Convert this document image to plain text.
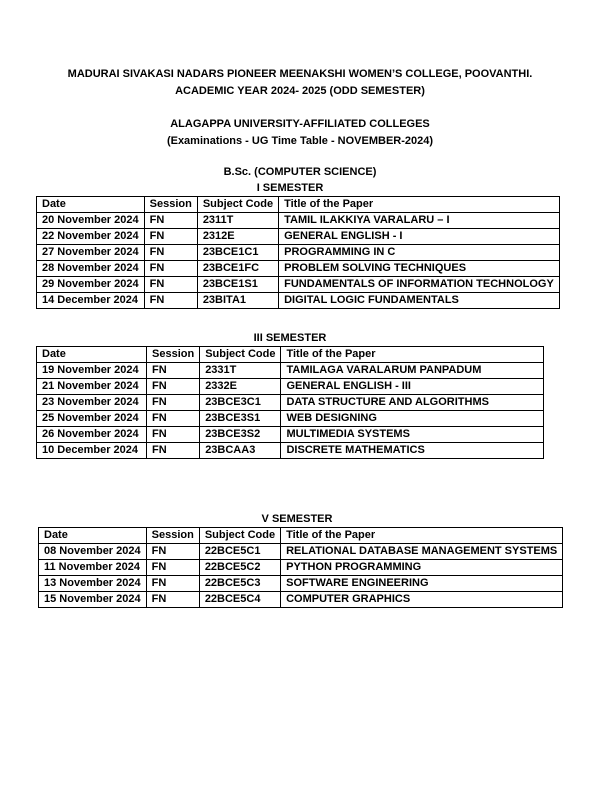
MADURAI SIVAKASI NADARS PIONEER MEENAKSHI WOMEN’S COLLEGE, POOVANTHI.
ACADEMIC YEAR 2024- 2025 (ODD SEMESTER)
ALAGAPPA UNIVERSITY-AFFILIATED COLLEGES
(Examinations - UG Time Table - NOVEMBER-2024)
B.Sc. (COMPUTER SCIENCE)
I SEMESTER
Date	Session	Subject Code	Title of the Paper
20 November 2024	FN	2311T	TAMIL ILAKKIYA VARALARU – I
22 November 2024	FN	2312E	GENERAL ENGLISH - I
27 November 2024	FN	23BCE1C1	PROGRAMMING IN C
28 November 2024	FN	23BCE1FC	PROBLEM SOLVING TECHNIQUES
29 November 2024	FN	23BCE1S1	FUNDAMENTALS OF INFORMATION TECHNOLOGY
14 December 2024	FN	23BITA1	DIGITAL LOGIC FUNDAMENTALS
III SEMESTER
Date	Session	Subject Code	Title of the Paper
19 November 2024	FN	2331T	TAMILAGA VARALARUM PANPADUM
21 November 2024	FN	2332E	GENERAL ENGLISH - III
23 November 2024	FN	23BCE3C1	DATA STRUCTURE AND ALGORITHMS
25 November 2024	FN	23BCE3S1	WEB DESIGNING
26 November 2024	FN	23BCE3S2	MULTIMEDIA SYSTEMS
10 December 2024	FN	23BCAA3	DISCRETE MATHEMATICS
V SEMESTER
Date	Session	Subject Code	Title of the Paper
08 November 2024	FN	22BCE5C1	RELATIONAL DATABASE MANAGEMENT SYSTEMS
11 November 2024	FN	22BCE5C2	PYTHON PROGRAMMING
13 November 2024	FN	22BCE5C3	SOFTWARE ENGINEERING
15 November 2024	FN	22BCE5C4	COMPUTER GRAPHICS
